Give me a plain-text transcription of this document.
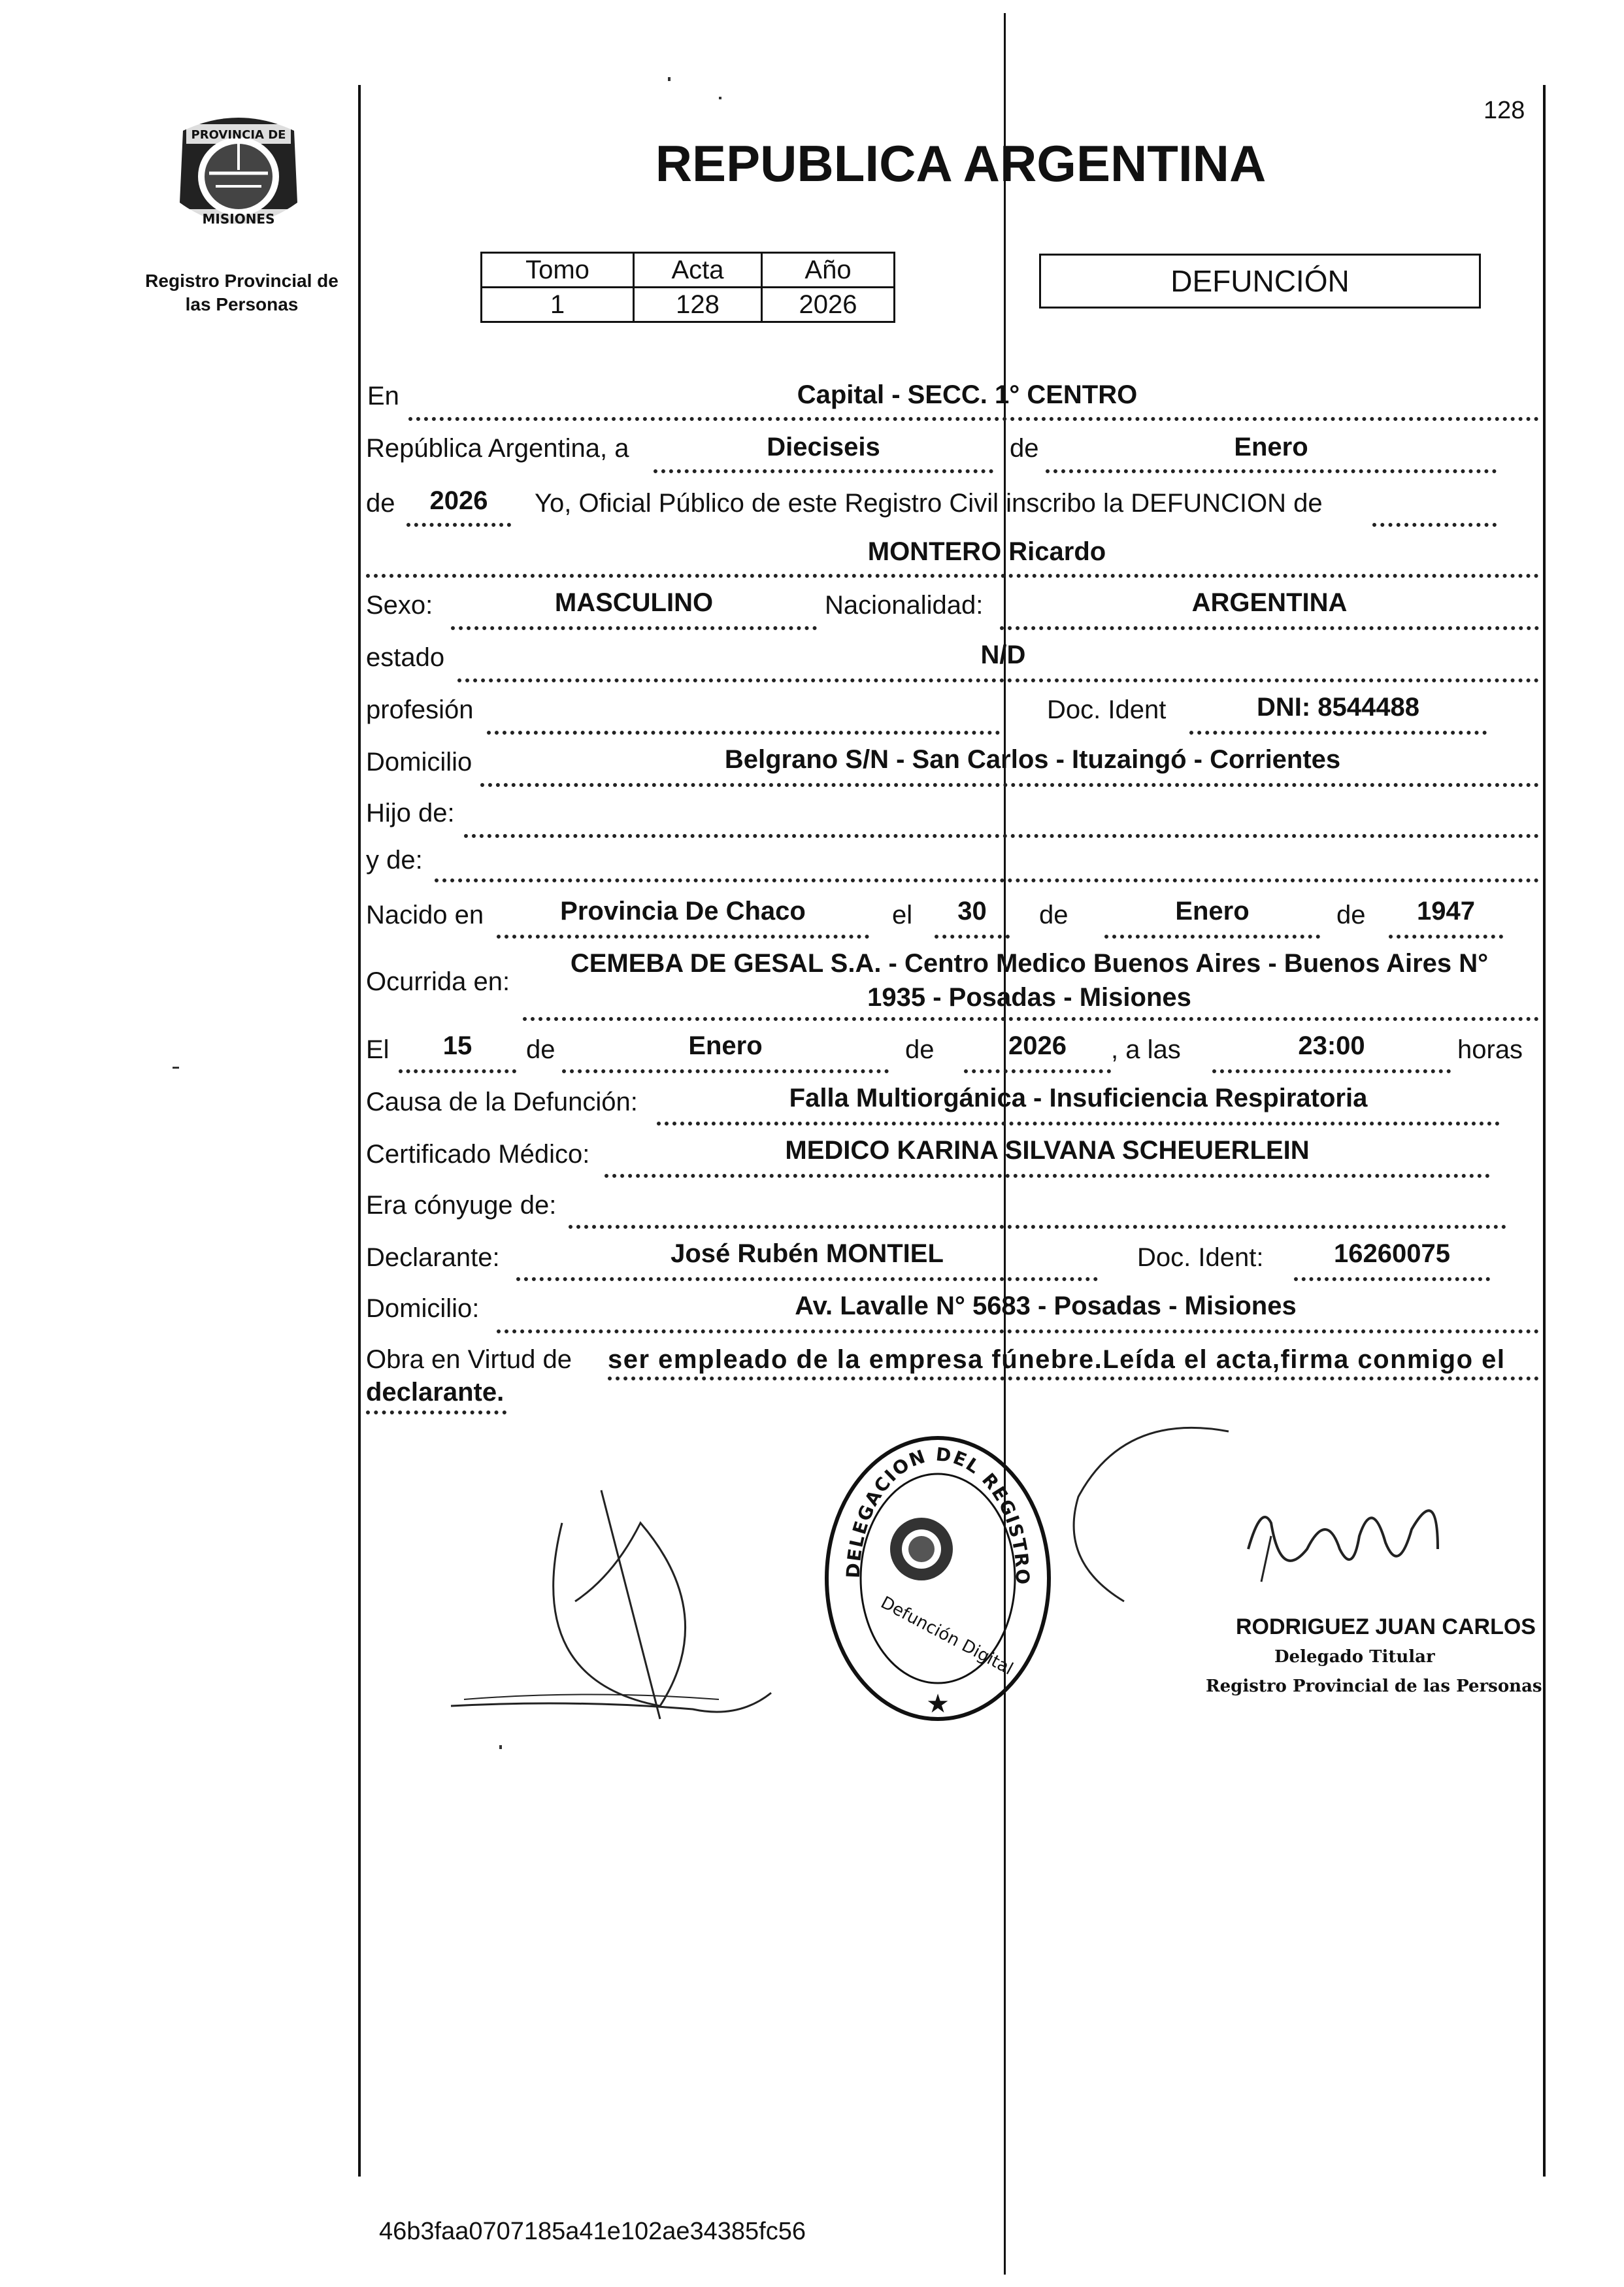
PROVINCIA DE
MISIONES
Registro Provincial de
las Personas
128
REPUBLICA ARGENTINA
Tomo	Acta	Año
1	128	2026
DEFUNCIÓN
En	Capital - SECC. 1° CENTRO
República Argentina, a	Dieciseis	de	Enero
de	2026	Yo, Oficial Público de este Registro Civil inscribo la DEFUNCION de
MONTERO Ricardo
Sexo:	MASCULINO	Nacionalidad:	ARGENTINA
estado	N/D
profesión	Doc. Ident	DNI: 8544488
Domicilio	Belgrano S/N - San Carlos - Ituzaingó - Corrientes
Hijo de:
y de:
Nacido en	Provincia De Chaco	el	30	de	Enero	de	1947
Ocurrida en:
CEMEBA DE GESAL S.A. - Centro Medico Buenos Aires - Buenos Aires N°
1935 - Posadas - Misiones
El	15	de	Enero	de	2026	, a las	23:00	horas
Causa de la Defunción:	Falla Multiorgánica - Insuficiencia Respiratoria
Certificado Médico:	MEDICO KARINA SILVANA SCHEUERLEIN
Era cónyuge de:
Declarante:	José Rubén MONTIEL	Doc. Ident:	16260075
Domicilio:	Av. Lavalle N° 5683 - Posadas - Misiones
Obra en Virtud de ser empleado de la empresa fúnebre.Leída el acta,firma conmigo el
declarante.
DELEGACION DEL REGISTRO
Defunción Digital
★
RODRIGUEZ JUAN CARLOS
Delegado Titular
Registro Provincial de las Personas
46b3faa0707185a41e102ae34385fc56
